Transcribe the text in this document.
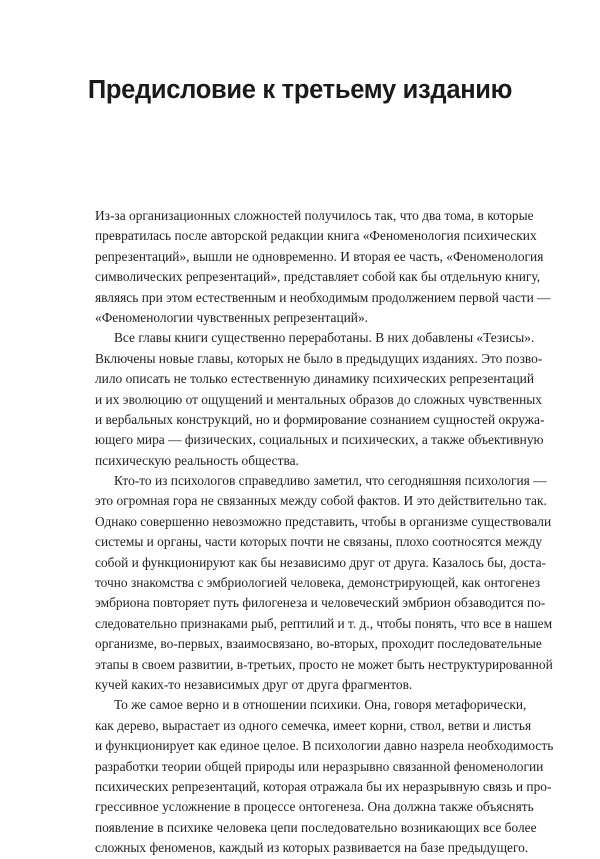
Предисловие к третьему изданию
Из-за организационных сложностей получилось так, что два тома, в которые
превратилась после авторской редакции книга «Феноменология психических
репрезентаций», вышли не одновременно. И вторая ее часть, «Феноменология
символических репрезентаций», представляет собой как бы отдельную книгу,
являясь при этом естественным и необходимым продолжением первой части —
«Феноменологии чувственных репрезентаций».
Все главы книги существенно переработаны. В них добавлены «Тезисы».
Включены новые главы, которых не было в предыдущих изданиях. Это позво-
лило описать не только естественную динамику психических репрезентаций
и их эволюцию от ощущений и ментальных образов до сложных чувственных
и вербальных конструкций, но и формирование сознанием сущностей окружа-
ющего мира — физических, социальных и психических, а также объективную
психическую реальность общества.
Кто-то из психологов справедливо заметил, что сегодняшняя психология —
это огромная гора не связанных между собой фактов. И это действительно так.
Однако совершенно невозможно представить, чтобы в организме существовали
системы и органы, части которых почти не связаны, плохо соотносятся между
собой и функционируют как бы независимо друг от друга. Казалось бы, доста-
точно знакомства с эмбриологией человека, демонстрирующей, как онтогенез
эмбриона повторяет путь филогенеза и человеческий эмбрион обзаводится по-
следовательно признаками рыб, рептилий и т. д., чтобы понять, что все в нашем
организме, во-первых, взаимосвязано, во-вторых, проходит последовательные
этапы в своем развитии, в-третьих, просто не может быть неструктурированной
кучей каких-то независимых друг от друга фрагментов.
То же самое верно и в отношении психики. Она, говоря метафорически,
как дерево, вырастает из одного семечка, имеет корни, ствол, ветви и листья
и функционирует как единое целое. В психологии давно назрела необходимость
разработки теории общей природы или неразрывно связанной феноменологии
психических репрезентаций, которая отражала бы их неразрывную связь и про-
грессивное усложнение в процессе онтогенеза. Она должна также объяснять
появление в психике человека цепи последовательно возникающих все более
сложных феноменов, каждый из которых развивается на базе предыдущего.
